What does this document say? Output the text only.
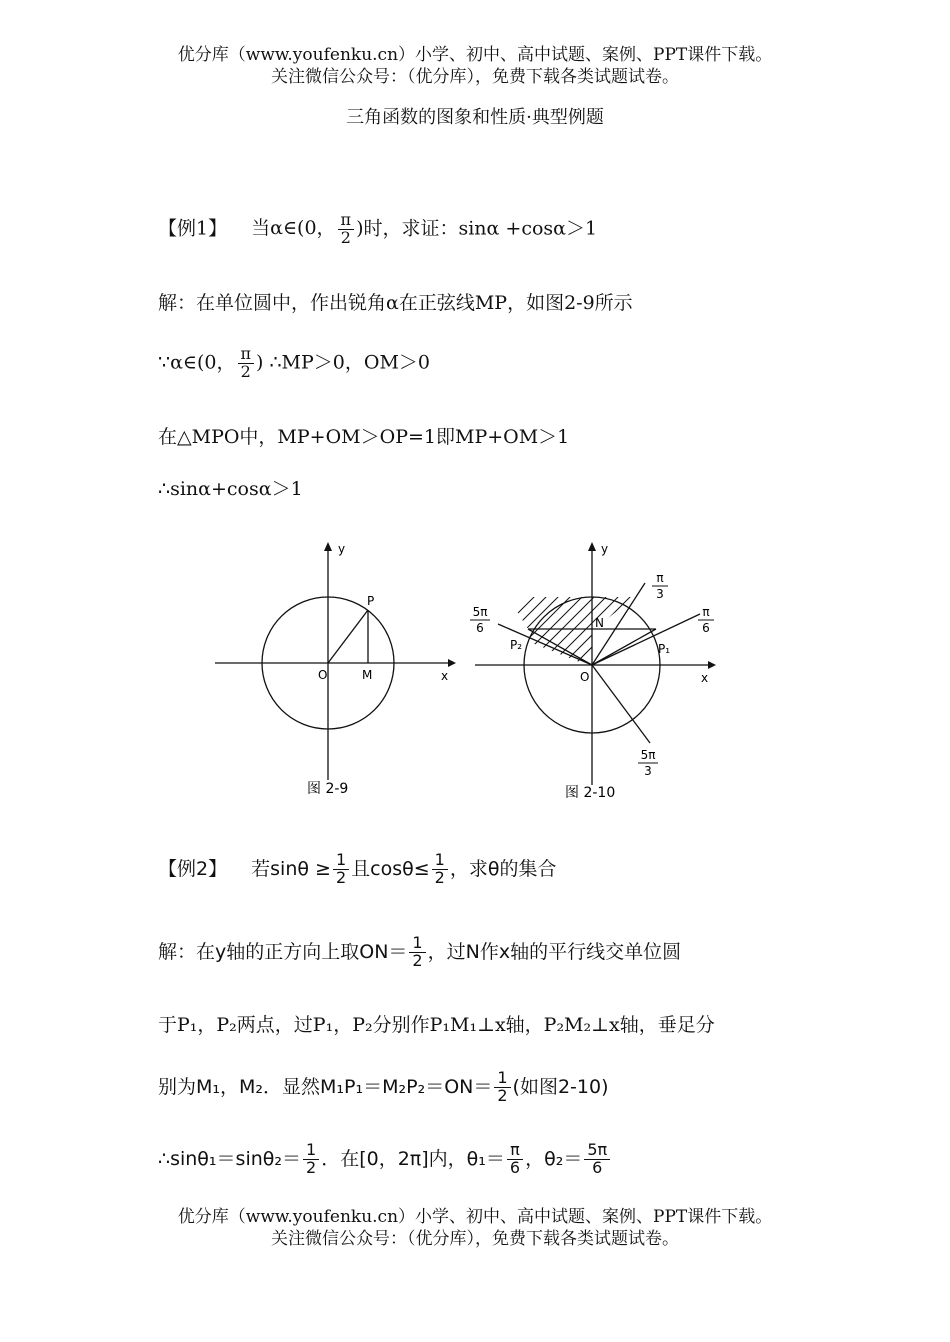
优分库（www.youfenku.cn）小学、初中、高中试题、案例、PPT课件下载。
关注微信公众号：（优分库），免费下载各类试题试卷。
三角函数的图象和性质·典型例题
【例1】 当α∈(0， $\frac{\pi}{2}$ )时，求证：sinα +cosα＞1
解：在单位圆中，作出锐角α在正弦线MP，如图2-9所示
∵α∈(0， $\frac{\pi}{2}$ ) ∴MP＞0，OM＞0
在△MPO中，MP+OM＞OP=1即MP+OM＞1
∴sinα+cosα＞1
y
x
O
P
M
图 2-9
y
x
O
N
P₁
P₂
π
3
π
6
5π
6
5π
3
图 2-10
【例2】 若$\sin\theta \ge \frac{1}{2}$ 且$\cos\theta\le \frac{1}{2}$ ，求θ的集合
解：在y轴的正方向上取$ON= \frac{1}{2}$ ，过N作x轴的平行线交单位圆
于P₁，P₂两点，过P₁，P₂分别作P₁M₁⊥x轴，P₂M₂⊥x轴，垂足分
别为M₁，M₂．显然$M_1P_1=M_2P_2=ON= \frac{1}{2}$ (如图2-10)
∴sinθ₁＝sinθ₂＝ $\frac{1}{2}$ ．在[0，2π]内，$\theta_1= \frac{\pi}{6}$ ，$\theta_2= \frac{5\pi}{6}$
优分库（www.youfenku.cn）小学、初中、高中试题、案例、PPT课件下载。
关注微信公众号：（优分库），免费下载各类试题试卷。
